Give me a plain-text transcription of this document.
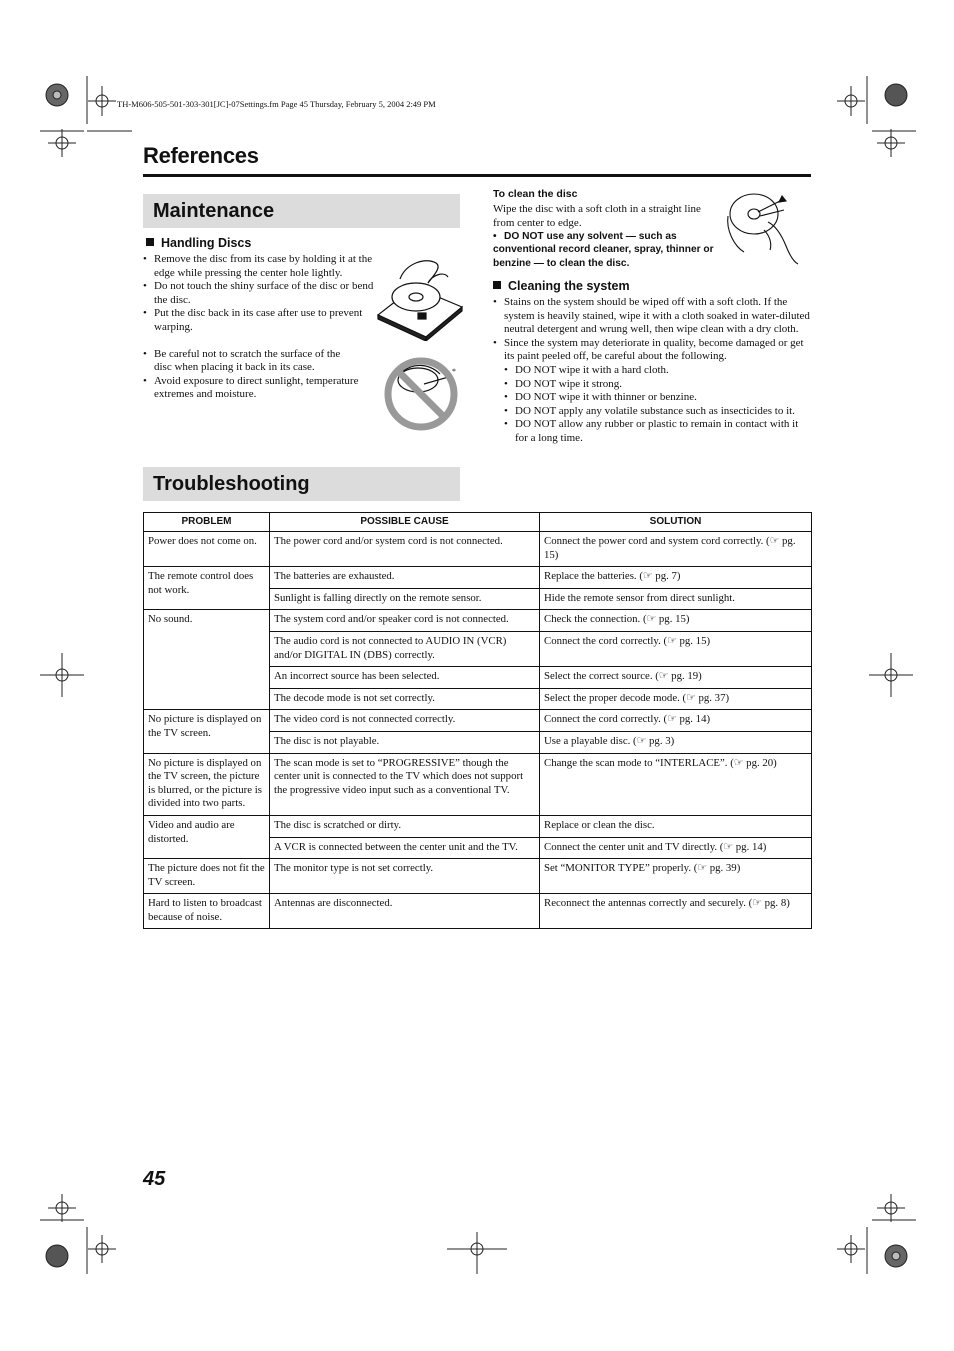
TH-M606-505-501-303-301[JC]-07Settings.fm Page 45 Thursday, February 5, 2004 2:49 PM
References
Maintenance
Handling Discs
• Remove the disc from its case by holding it at the edge while pressing the center hole lightly.
• Do not touch the shiny surface of the disc or bend the disc.
• Put the disc back in its case after use to prevent warping.
• Be careful not to scratch the surface of the disc when placing it back in its case.
• Avoid exposure to direct sunlight, temperature extremes and moisture.
*
To clean the disc
Wipe the disc with a soft cloth in a straight line from center to edge.
• DO NOT use any solvent — such as conventional record cleaner, spray, thinner or benzine — to clean the disc.
Cleaning the system
• Stains on the system should be wiped off with a soft cloth. If the system is heavily stained, wipe it with a cloth soaked in water-diluted neutral detergent and wrung well, then wipe clean with a dry cloth.
• Since the system may deteriorate in quality, become damaged or get its paint peeled off, be careful about the following.
• DO NOT wipe it with a hard cloth.
• DO NOT wipe it strong.
• DO NOT wipe it with thinner or benzine.
• DO NOT apply any volatile substance such as insecticides to it.
• DO NOT allow any rubber or plastic to remain in contact with it for a long time.
Troubleshooting
PROBLEM	POSSIBLE CAUSE	SOLUTION
Power does not come on.	The power cord and/or system cord is not connected.	Connect the power cord and system cord correctly. (☞ pg. 15)
The remote control does not work.	The batteries are exhausted.	Replace the batteries. (☞ pg. 7)
	Sunlight is falling directly on the remote sensor.	Hide the remote sensor from direct sunlight.
No sound.	The system cord and/or speaker cord is not connected.	Check the connection. (☞ pg. 15)
	The audio cord is not connected to AUDIO IN (VCR) and/or DIGITAL IN (DBS) correctly.	Connect the cord correctly. (☞ pg. 15)
	An incorrect source has been selected.	Select the correct source. (☞ pg. 19)
	The decode mode is not set correctly.	Select the proper decode mode. (☞ pg. 37)
No picture is displayed on the TV screen.	The video cord is not connected correctly.	Connect the cord correctly. (☞ pg. 14)
	The disc is not playable.	Use a playable disc. (☞ pg. 3)
No picture is displayed on the TV screen, the picture is blurred, or the picture is divided into two parts.	The scan mode is set to “PROGRESSIVE” though the center unit is connected to the TV which does not support the progressive video input such as a conventional TV.	Change the scan mode to “INTERLACE”. (☞ pg. 20)
Video and audio are distorted.	The disc is scratched or dirty.	Replace or clean the disc.
	A VCR is connected between the center unit and the TV.	Connect the center unit and TV directly. (☞ pg. 14)
The picture does not fit the TV screen.	The monitor type is not set correctly.	Set “MONITOR TYPE” properly. (☞ pg. 39)
Hard to listen to broadcast because of noise.	Antennas are disconnected.	Reconnect the antennas correctly and securely. (☞ pg. 8)
45
